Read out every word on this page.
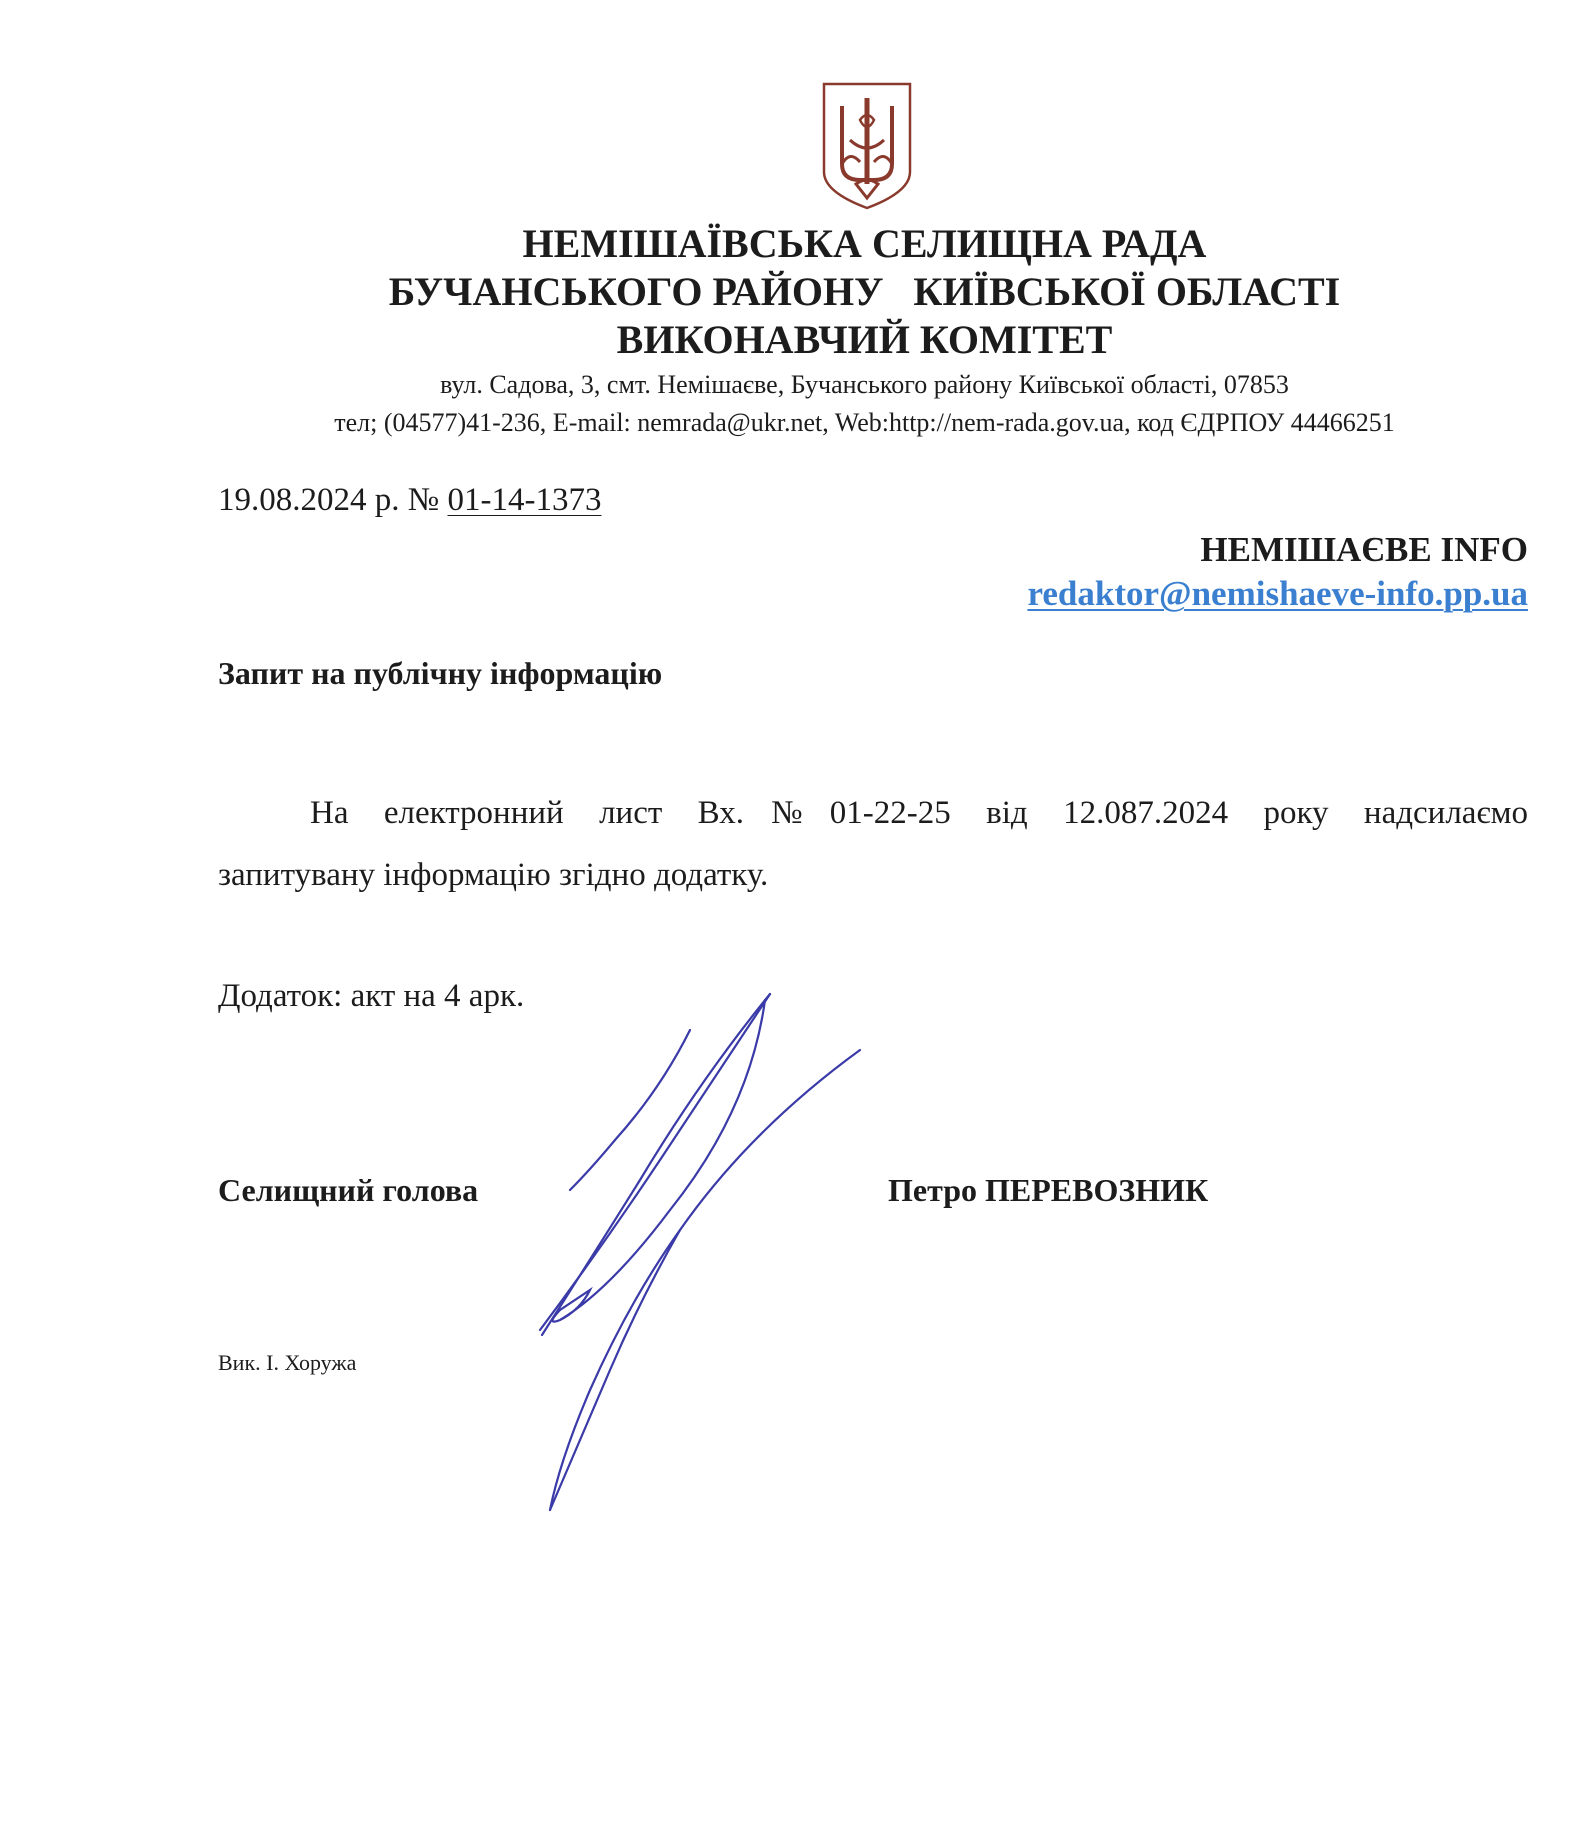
НЕМІШАЇВСЬКА СЕЛИЩНА РАДА
БУЧАНСЬКОГО РАЙОНУ   КИЇВСЬКОЇ ОБЛАСТІ
ВИКОНАВЧИЙ КОМІТЕТ
вул. Садова, 3, смт. Немішаєве, Бучанського району Київської області, 07853
тел; (04577)41-236, E-mail: nemrada@ukr.net, Web:http://nem-rada.gov.ua, код ЄДРПОУ 44466251
19.08.2024 р. № 01-14-1373
НЕМІШАЄВЕ INFO
redaktor@nemishaeve-info.pp.ua
Запит на публічну інформацію
На електронний лист Вх.№01-22-25 від 12.087.2024 року надсилаємо
запитувану інформацію згідно додатку.
Додаток: акт на 4 арк.
Селищний голова	Петро ПЕРЕВОЗНИК
Вик. І. Хоружа
